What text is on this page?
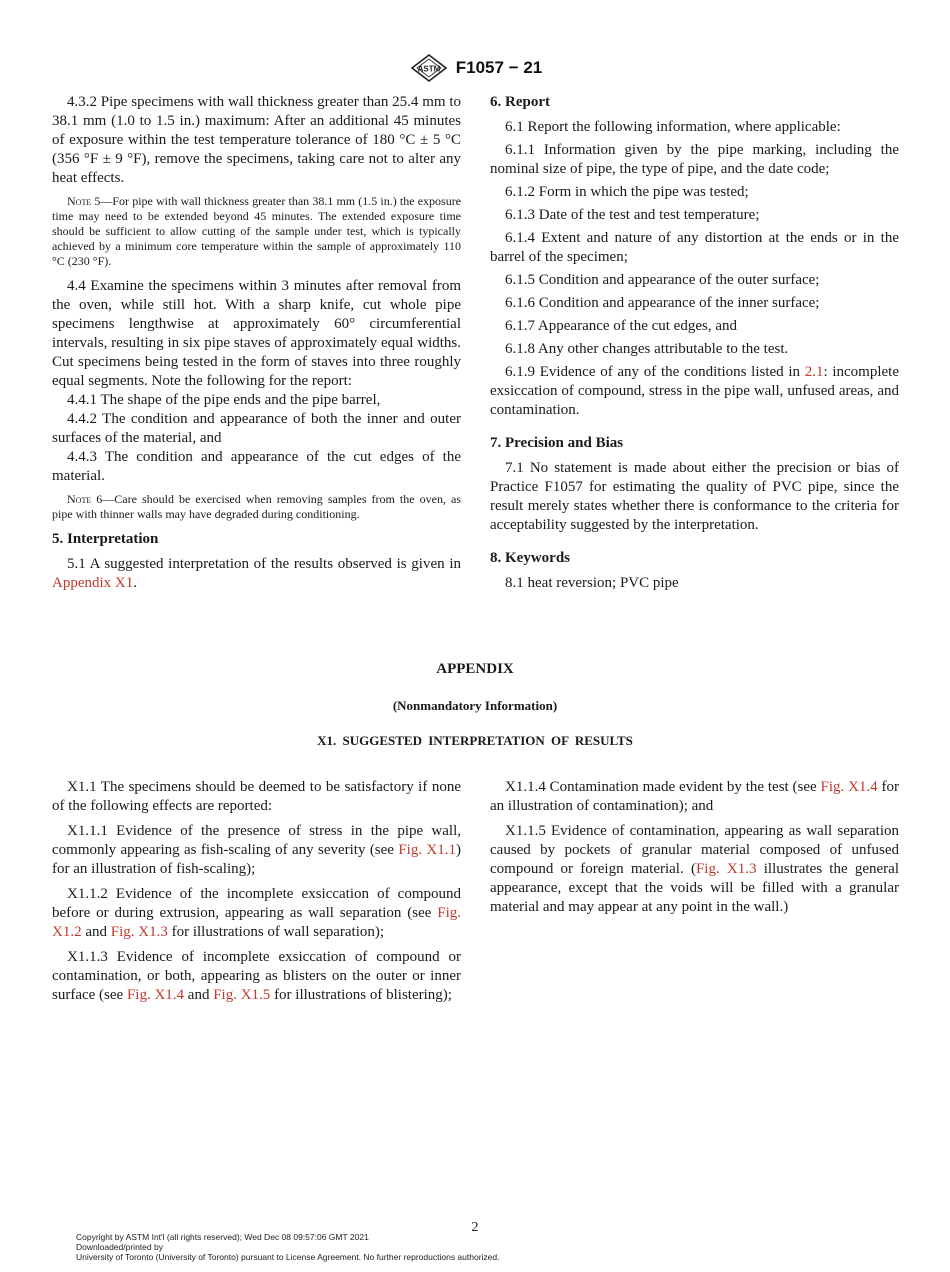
ASTM F1057 − 21

4.3.2 Pipe specimens with wall thickness greater than 25.4 mm to 38.1 mm (1.0 to 1.5 in.) maximum: After an additional 45 minutes of exposure within the test temperature tolerance of 180 °C ± 5 °C (356 °F ± 9 °F), remove the specimens, taking care not to alter any heat effects.

Note 5—For pipe with wall thickness greater than 38.1 mm (1.5 in.) the exposure time may need to be extended beyond 45 minutes. The extended exposure time should be sufficient to allow cutting of the sample under test, which is typically achieved by a minimum core temperature within the sample of approximately 110 °C (230 °F).

4.4 Examine the specimens within 3 minutes after removal from the oven, while still hot. With a sharp knife, cut whole pipe specimens lengthwise at approximately 60° circumferential intervals, resulting in six pipe staves of approximately equal widths. Cut specimens being tested in the form of staves into three roughly equal segments. Note the following for the report:

4.4.1 The shape of the pipe ends and the pipe barrel,

4.4.2 The condition and appearance of both the inner and outer surfaces of the material, and

4.4.3 The condition and appearance of the cut edges of the material.

Note 6—Care should be exercised when removing samples from the oven, as pipe with thinner walls may have degraded during conditioning.

5. Interpretation

5.1 A suggested interpretation of the results observed is given in Appendix X1.

6. Report

6.1 Report the following information, where applicable:

6.1.1 Information given by the pipe marking, including the nominal size of pipe, the type of pipe, and the date code;

6.1.2 Form in which the pipe was tested;

6.1.3 Date of the test and test temperature;

6.1.4 Extent and nature of any distortion at the ends or in the barrel of the specimen;

6.1.5 Condition and appearance of the outer surface;

6.1.6 Condition and appearance of the inner surface;

6.1.7 Appearance of the cut edges, and

6.1.8 Any other changes attributable to the test.

6.1.9 Evidence of any of the conditions listed in 2.1: incomplete exsiccation of compound, stress in the pipe wall, unfused areas, and contamination.

7. Precision and Bias

7.1 No statement is made about either the precision or bias of Practice F1057 for estimating the quality of PVC pipe, since the result merely states whether there is conformance to the criteria for acceptability suggested by the interpretation.

8. Keywords

8.1 heat reversion; PVC pipe

APPENDIX
(Nonmandatory Information)
X1. SUGGESTED INTERPRETATION OF RESULTS

X1.1 The specimens should be deemed to be satisfactory if none of the following effects are reported:

X1.1.1 Evidence of the presence of stress in the pipe wall, commonly appearing as fish-scaling of any severity (see Fig. X1.1) for an illustration of fish-scaling);

X1.1.2 Evidence of the incomplete exsiccation of compound before or during extrusion, appearing as wall separation (see Fig. X1.2 and Fig. X1.3 for illustrations of wall separation);

X1.1.3 Evidence of incomplete exsiccation of compound or contamination, or both, appearing as blisters on the outer or inner surface (see Fig. X1.4 and Fig. X1.5 for illustrations of blistering);

X1.1.4 Contamination made evident by the test (see Fig. X1.4 for an illustration of contamination); and

X1.1.5 Evidence of contamination, appearing as wall separation caused by pockets of granular material composed of unfused compound or foreign material. (Fig. X1.3 illustrates the general appearance, except that the voids will be filled with a granular material and may appear at any point in the wall.)

2
Copyright by ASTM Int'l (all rights reserved); Wed Dec 08 09:57:06 GMT 2021
Downloaded/printed by
University of Toronto (University of Toronto) pursuant to License Agreement. No further reproductions authorized.
